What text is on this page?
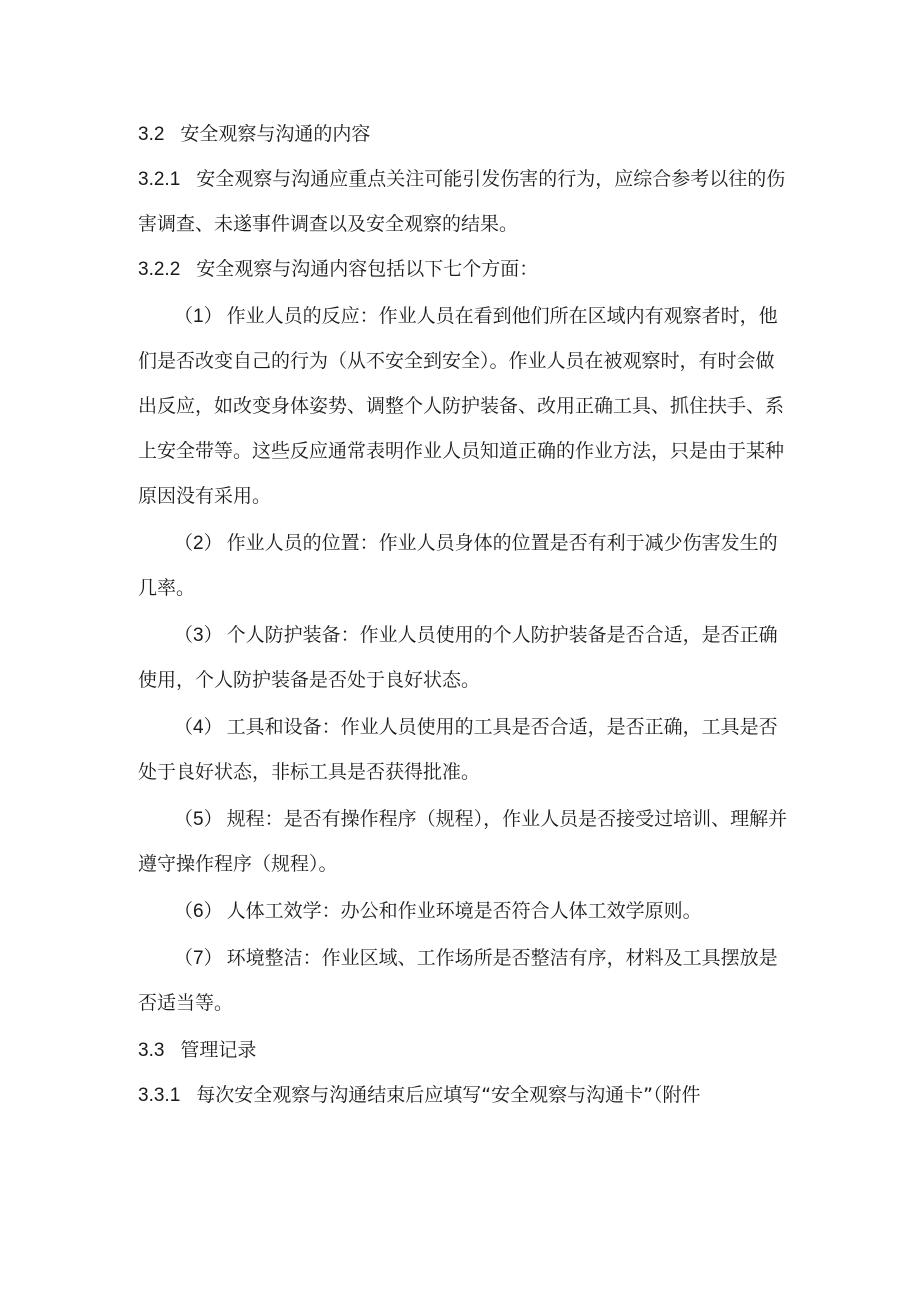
3.2 安全观察与沟通的内容

3.2.1 安全观察与沟通应重点关注可能引发伤害的行为，应综合参考以往的伤害调查、未遂事件调查以及安全观察的结果。

3.2.2 安全观察与沟通内容包括以下七个方面：

（1） 作业人员的反应：作业人员在看到他们所在区域内有观察者时，他们是否改变自己的行为（从不安全到安全）。作业人员在被观察时，有时会做出反应，如改变身体姿势、调整个人防护装备、改用正确工具、抓住扶手、系上安全带等。这些反应通常表明作业人员知道正确的作业方法，只是由于某种原因没有采用。

（2） 作业人员的位置：作业人员身体的位置是否有利于减少伤害发生的几率。

（3） 个人防护装备：作业人员使用的个人防护装备是否合适，是否正确使用，个人防护装备是否处于良好状态。

（4） 工具和设备：作业人员使用的工具是否合适，是否正确，工具是否处于良好状态，非标工具是否获得批准。

（5） 规程：是否有操作程序（规程），作业人员是否接受过培训、理解并遵守操作程序（规程）。

（6） 人体工效学：办公和作业环境是否符合人体工效学原则。

（7） 环境整洁：作业区域、工作场所是否整洁有序，材料及工具摆放是否适当等。

3.3 管理记录

3.3.1 每次安全观察与沟通结束后应填写“安全观察与沟通卡”（附件
